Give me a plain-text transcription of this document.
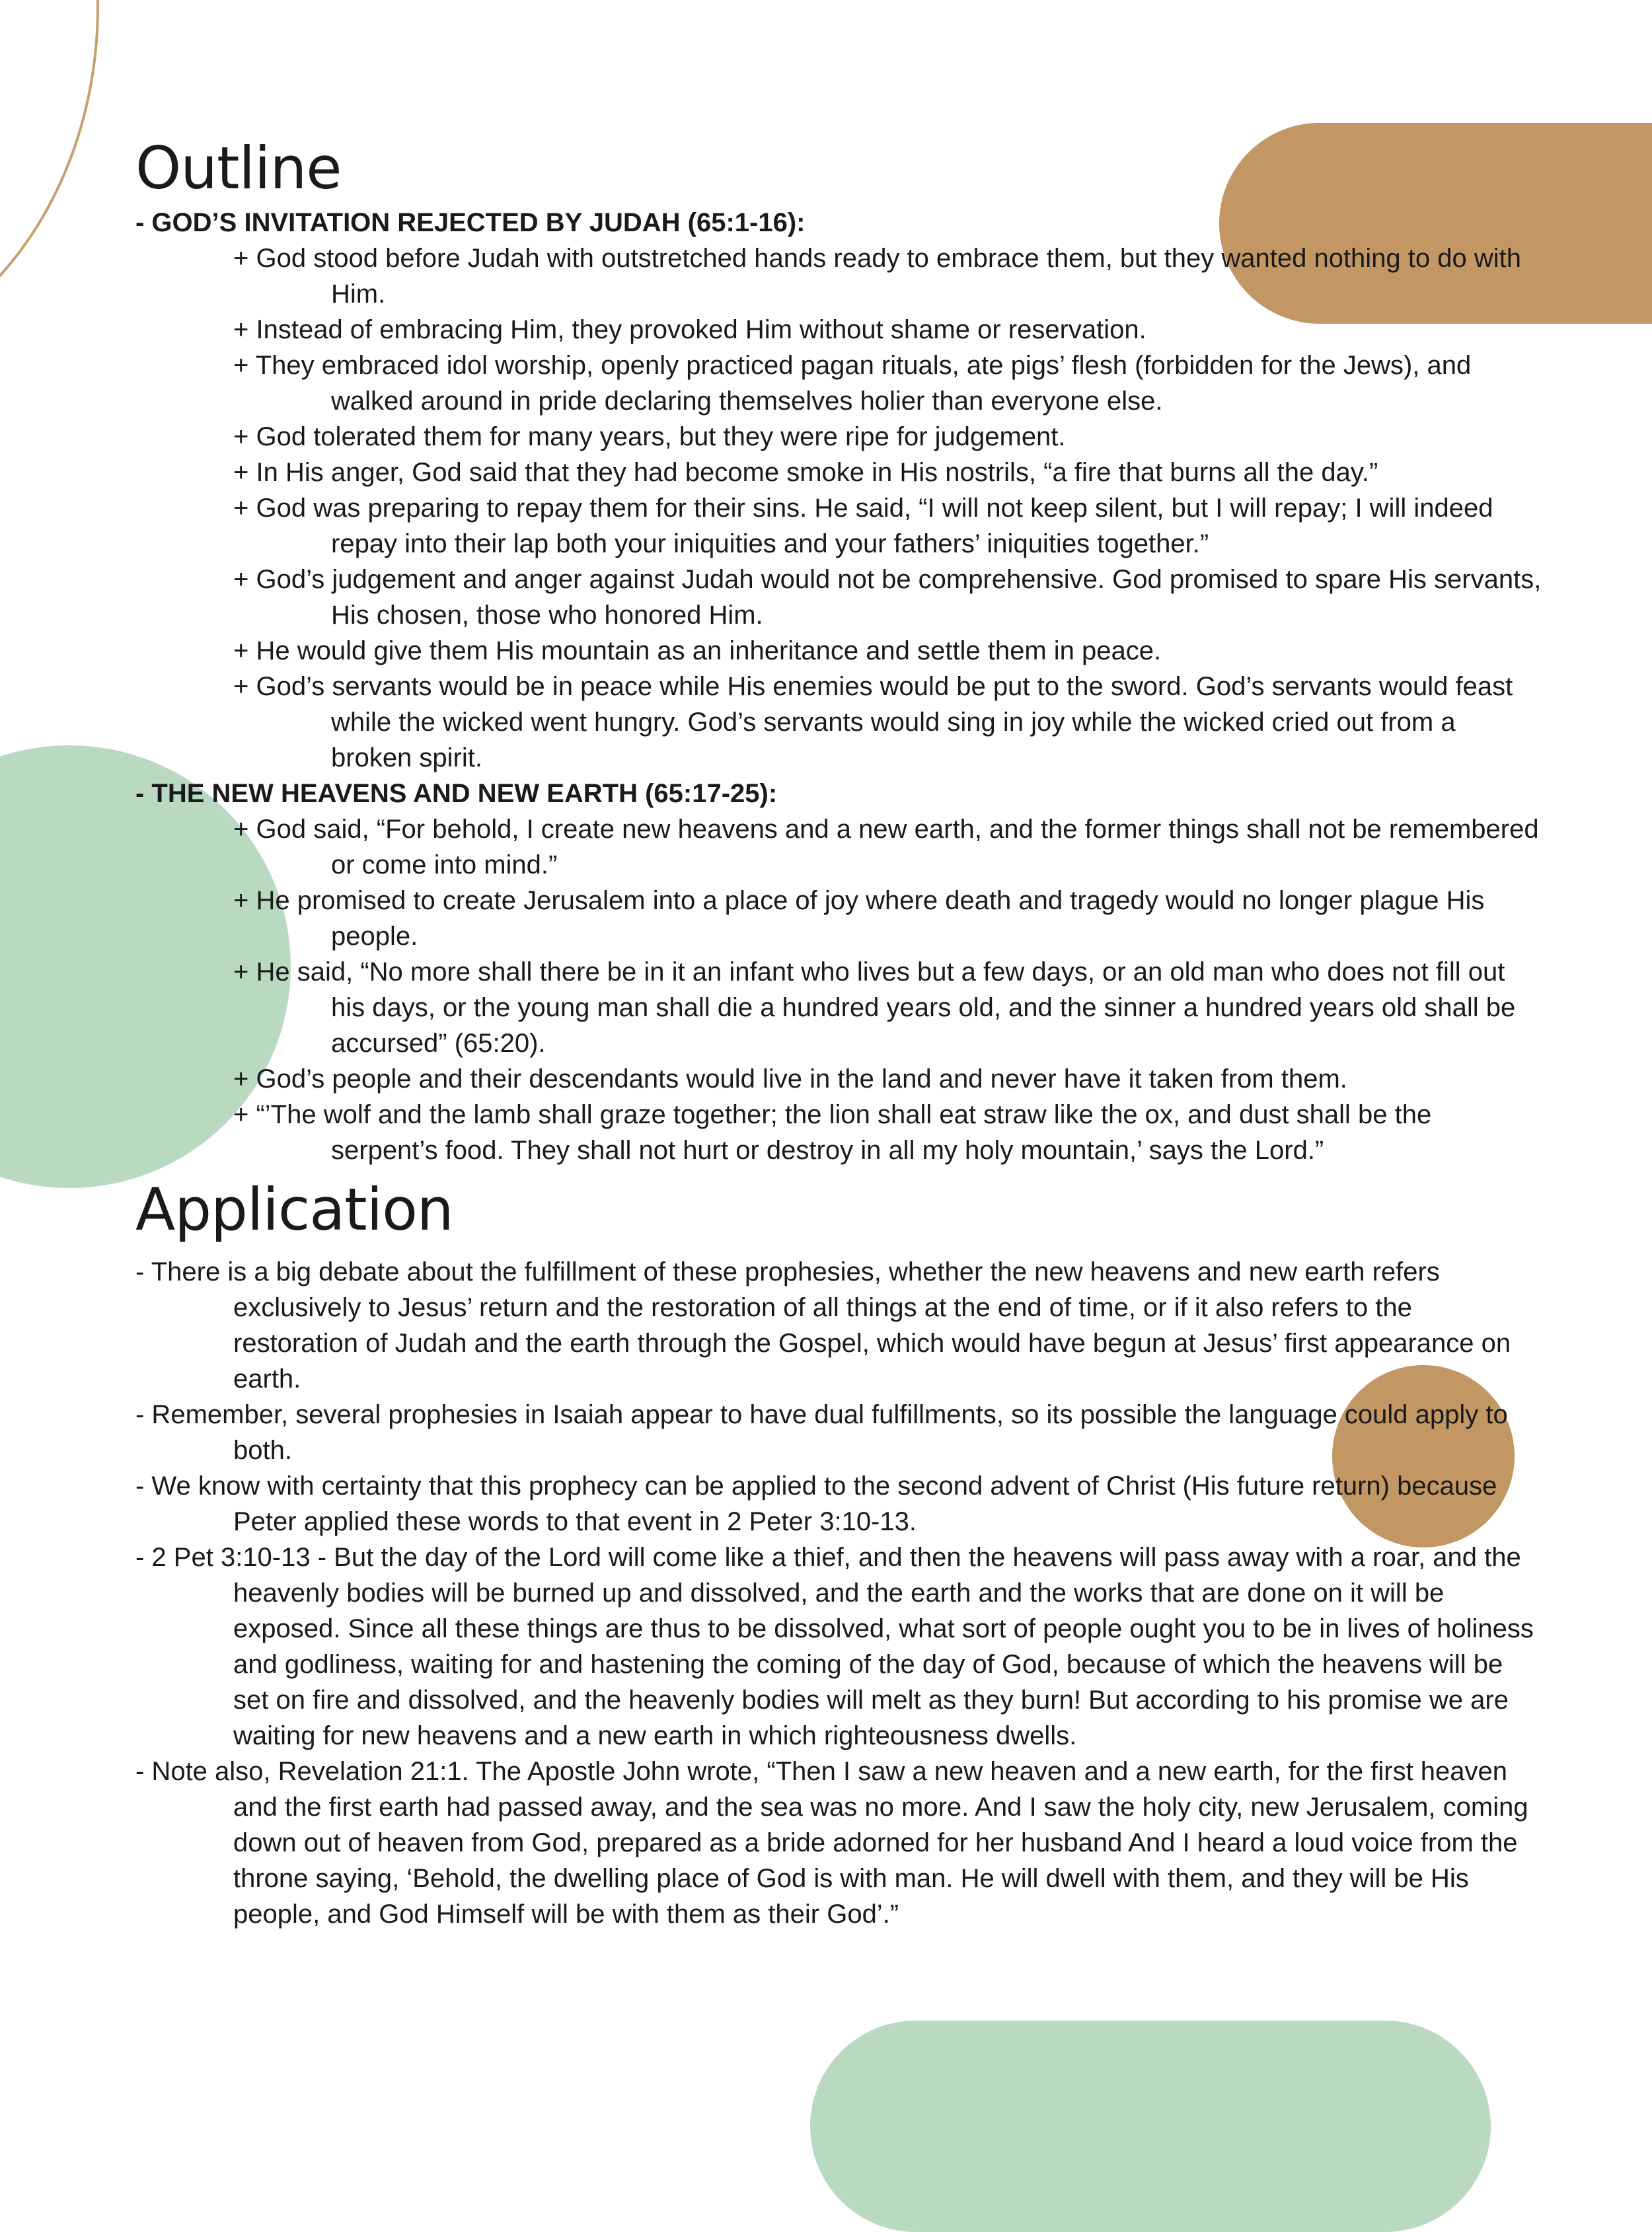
Outline
- GOD’S INVITATION REJECTED BY JUDAH (65:1-16):
+ God stood before Judah with outstretched hands ready to embrace them, but they wanted nothing to do with Him.
+ Instead of embracing Him, they provoked Him without shame or reservation.
+ They embraced idol worship, openly practiced pagan rituals, ate pigs’ flesh (forbidden for the Jews), and walked around in pride declaring themselves holier than everyone else.
+ God tolerated them for many years, but they were ripe for judgement.
+ In His anger, God said that they had become smoke in His nostrils, “a fire that burns all the day.”
+ God was preparing to repay them for their sins. He said, “I will not keep silent, but I will repay; I will indeed repay into their lap both your iniquities and your fathers’ iniquities together.”
+ God’s judgement and anger against Judah would not be comprehensive. God promised to spare His servants, His chosen, those who honored Him.
+ He would give them His mountain as an inheritance and settle them in peace.
+ God’s servants would be in peace while His enemies would be put to the sword. God’s servants would feast while the wicked went hungry. God’s servants would sing in joy while the wicked cried out from a broken spirit.
- THE NEW HEAVENS AND NEW EARTH (65:17-25):
+ God said, “For behold, I create new heavens and a new earth, and the former things shall not be remembered or come into mind.”
+ He promised to create Jerusalem into a place of joy where death and tragedy would no longer plague His people.
+ He said, “No more shall there be in it an infant who lives but a few days, or an old man who does not fill out his days, or the young man shall die a hundred years old, and the sinner a hundred years old shall be accursed” (65:20).
+ God’s people and their descendants would live in the land and never have it taken from them.
+ “’The wolf and the lamb shall graze together; the lion shall eat straw like the ox, and dust shall be the serpent’s food. They shall not hurt or destroy in all my holy mountain,’ says the Lord.”
Application
- There is a big debate about the fulfillment of these prophesies, whether the new heavens and new earth refers exclusively to Jesus’ return and the restoration of all things at the end of time, or if it also refers to the restoration of Judah and the earth through the Gospel, which would have begun at Jesus’ first appearance on earth.
- Remember, several prophesies in Isaiah appear to have dual fulfillments, so its possible the language could apply to both.
- We know with certainty that this prophecy can be applied to the second advent of Christ (His future return) because Peter applied these words to that event in 2 Peter 3:10-13.
- 2 Pet 3:10-13 - But the day of the Lord will come like a thief, and then the heavens will pass away with a roar, and the heavenly bodies will be burned up and dissolved, and the earth and the works that are done on it will be exposed. Since all these things are thus to be dissolved, what sort of people ought you to be in lives of holiness and godliness, waiting for and hastening the coming of the day of God, because of which the heavens will be set on fire and dissolved, and the heavenly bodies will melt as they burn! But according to his promise we are waiting for new heavens and a new earth in which righteousness dwells.
- Note also, Revelation 21:1. The Apostle John wrote, “Then I saw a new heaven and a new earth, for the first heaven and the first earth had passed away, and the sea was no more. And I saw the holy city, new Jerusalem, coming down out of heaven from God, prepared as a bride adorned for her husband And I heard a loud voice from the throne saying, ‘Behold, the dwelling place of God is with man. He will dwell with them, and they will be His people, and God Himself will be with them as their God’.”
